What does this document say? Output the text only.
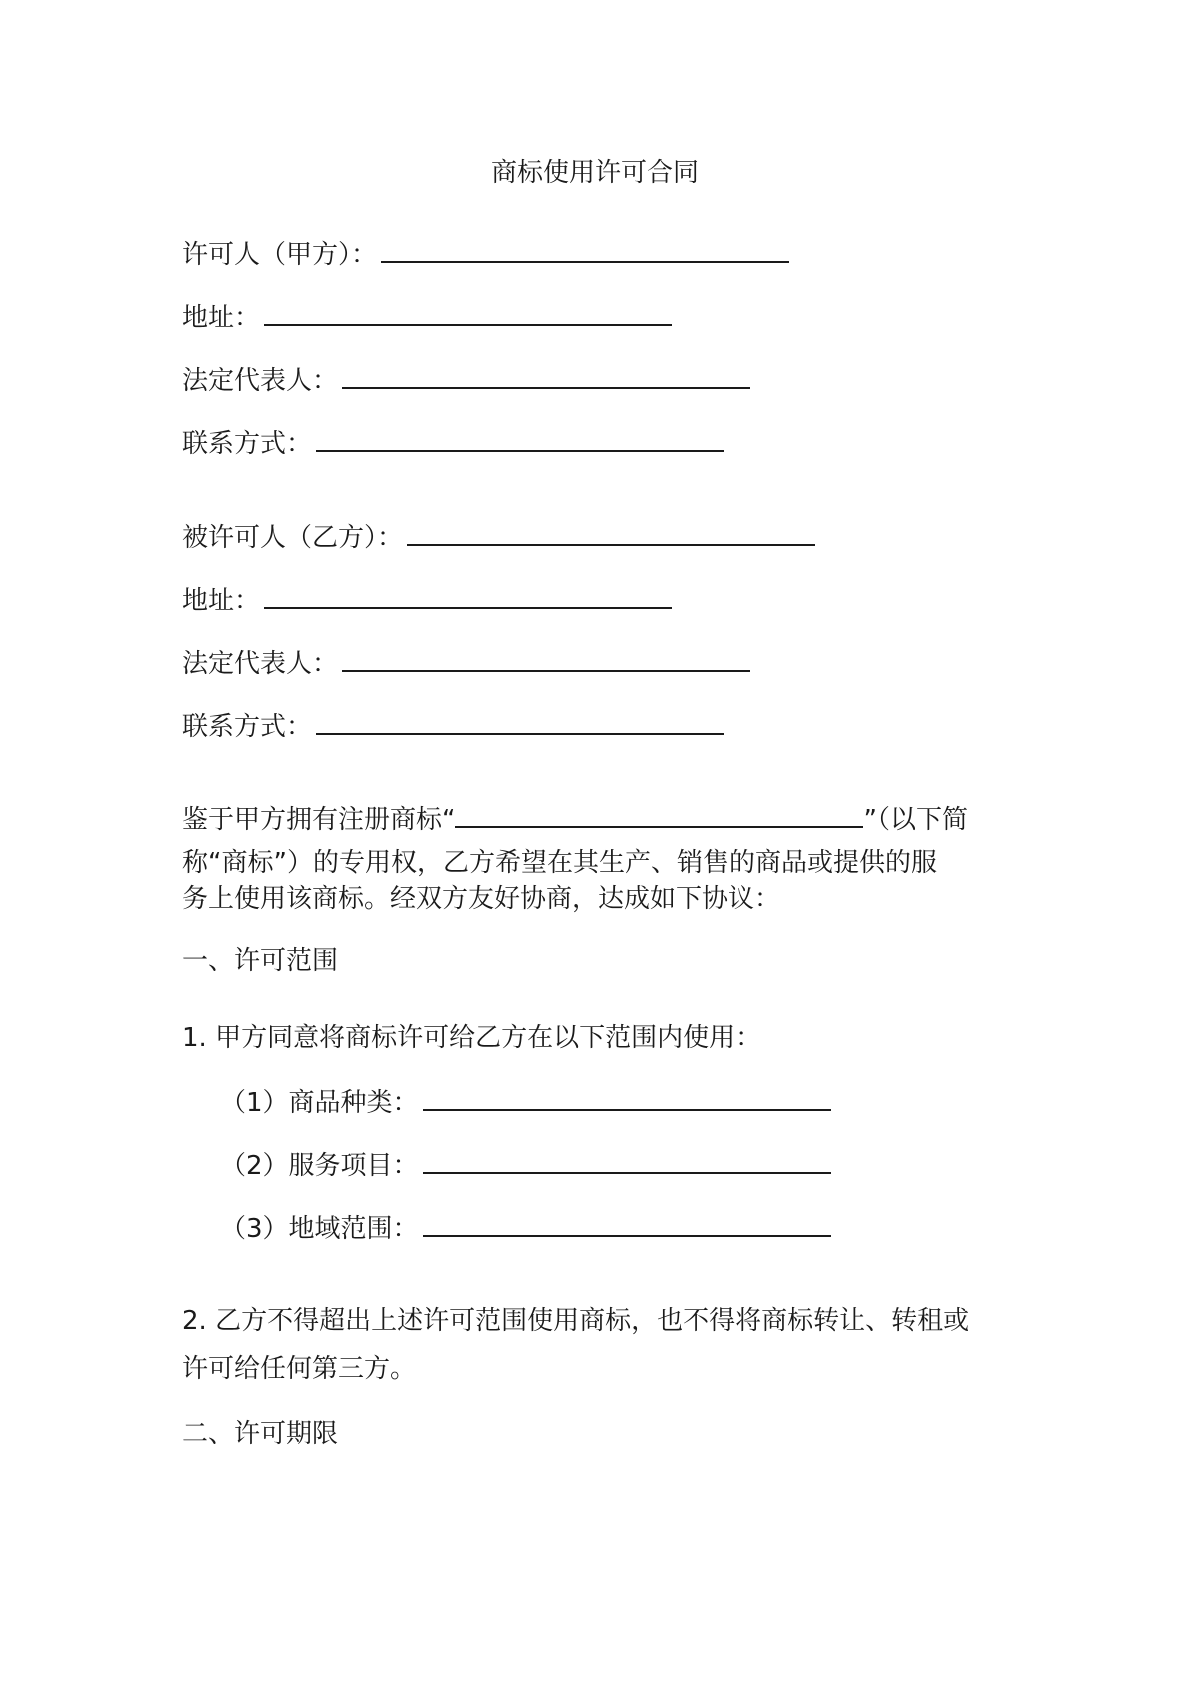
商标使用许可合同
许可人（甲方）：
地址：
法定代表人：
联系方式：
被许可人（乙方）：
地址：
法定代表人：
联系方式：

鉴于甲方拥有注册商标“	”（以下简

称“商标”）的专用权，乙方希望在其生产、销售的商品或提供的服

务上使用该商标。经双方友好协商，达成如下协议：

一、许可范围
1. 甲方同意将商标许可给乙方在以下范围内使用：
（1）商品种类：
（2）服务项目：
（3）地域范围：

2. 乙方不得超出上述许可范围使用商标，也不得将商标转让、转租或

许可给任何第三方。

二、许可期限
